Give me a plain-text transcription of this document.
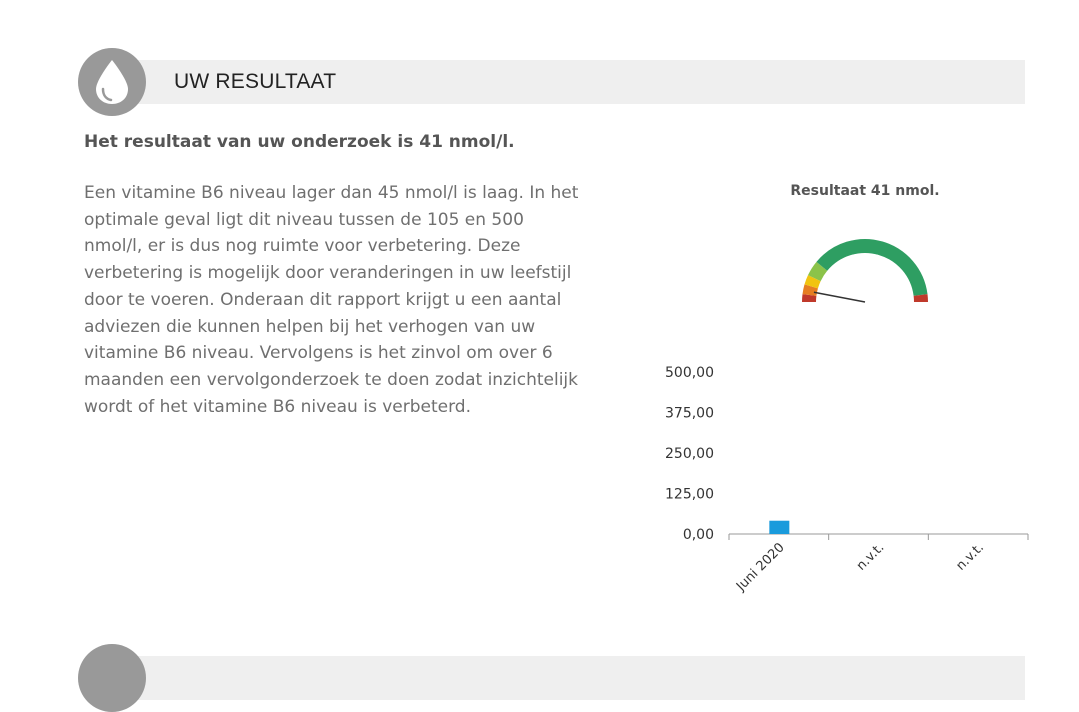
UW RESULTAAT
Het resultaat van uw onderzoek is 41 nmol/l.
Een vitamine B6 niveau lager dan 45 nmol/l is laag. In het
optimale geval ligt dit niveau tussen de 105 en 500
nmol/l, er is dus nog ruimte voor verbetering. Deze
verbetering is mogelijk door veranderingen in uw leefstijl
door te voeren. Onderaan dit rapport krijgt u een aantal
adviezen die kunnen helpen bij het verhogen van uw
vitamine B6 niveau. Vervolgens is het zinvol om over 6
maanden een vervolgonderzoek te doen zodat inzichtelijk
wordt of het vitamine B6 niveau is verbeterd.
Resultaat 41 nmol.
500,00
375,00
250,00
125,00
0,00
Juni 2020	n.v.t.	n.v.t.
